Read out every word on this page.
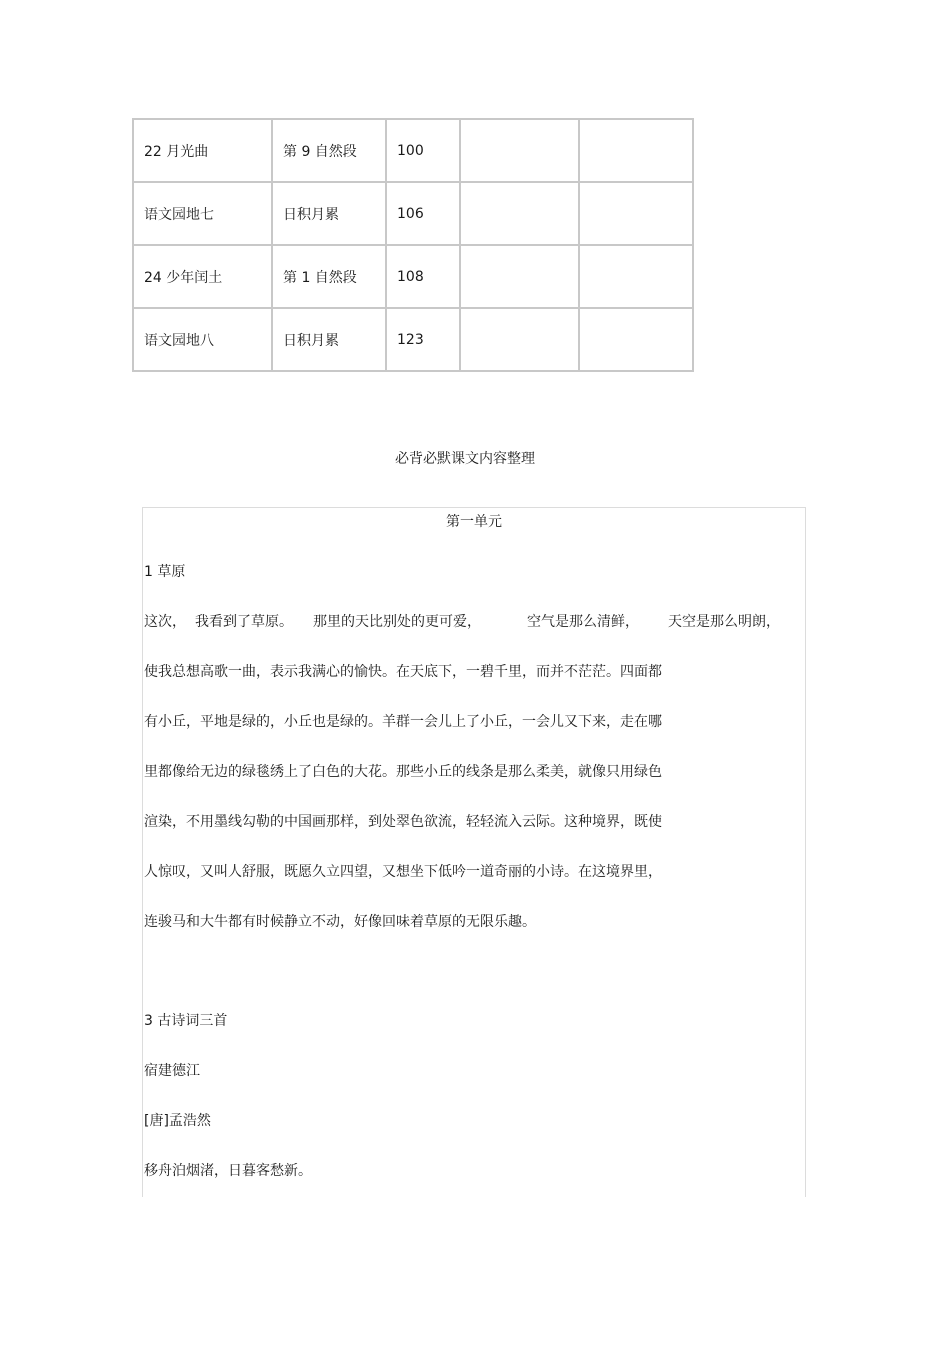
22 月光曲	第 9 自然段	100		
语文园地七	日积月累	106		
24 少年闰土	第 1 自然段	108		
语文园地八	日积月累	123		
必背必默课文内容整理
第一单元
1 草原
这次， 我看到了草原。 那里的天比别处的更可爱，	空气是那么清鲜， 天空是那么明朗，
使我总想高歌一曲，表示我满心的愉快。在天底下，一碧千里，而并不茫茫。四面都
有小丘，平地是绿的，小丘也是绿的。羊群一会儿上了小丘，一会儿又下来，走在哪
里都像给无边的绿毯绣上了白色的大花。那些小丘的线条是那么柔美，就像只用绿色
渲染，不用墨线勾勒的中国画那样，到处翠色欲流，轻轻流入云际。这种境界，既使
人惊叹，又叫人舒服，既愿久立四望，又想坐下低吟一道奇丽的小诗。在这境界里，
连骏马和大牛都有时候静立不动，好像回味着草原的无限乐趣。
3 古诗词三首
宿建德江
[唐]孟浩然
移舟泊烟渚，日暮客愁新。
